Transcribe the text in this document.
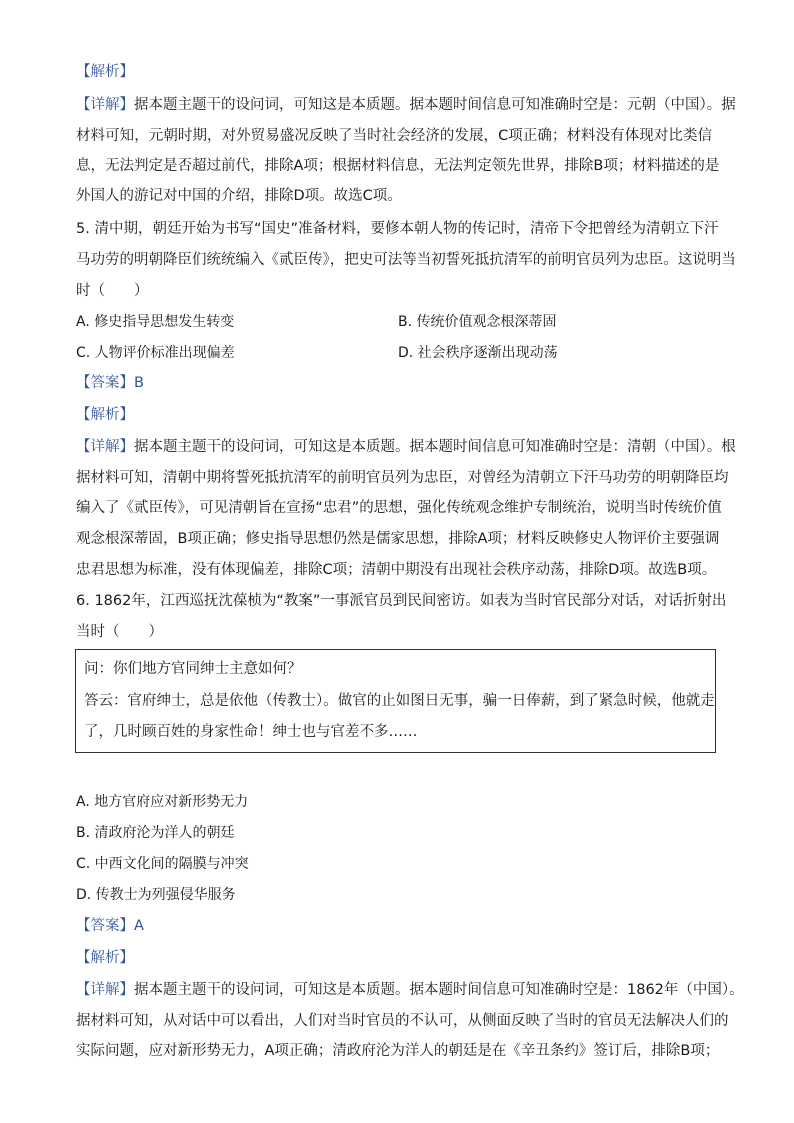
【解析】
【详解】据本题主题干的设问词，可知这是本质题。据本题时间信息可知准确时空是：元朝（中国）。据
材料可知，元朝时期，对外贸易盛况反映了当时社会经济的发展，C项正确；材料没有体现对比类信
息，无法判定是否超过前代，排除A项；根据材料信息，无法判定领先世界，排除B项；材料描述的是
外国人的游记对中国的介绍，排除D项。故选C项。
5. 清中期，朝廷开始为书写“国史”准备材料，要修本朝人物的传记时，清帝下令把曾经为清朝立下汗
马功劳的明朝降臣们统统编入《贰臣传》，把史可法等当初誓死抵抗清军的前明官员列为忠臣。这说明当
时（　　）
A. 修史指导思想发生转变	B. 传统价值观念根深蒂固
C. 人物评价标准出现偏差	D. 社会秩序逐渐出现动荡
【答案】B
【解析】
【详解】据本题主题干的设问词，可知这是本质题。据本题时间信息可知准确时空是：清朝（中国）。根
据材料可知，清朝中期将誓死抵抗清军的前明官员列为忠臣，对曾经为清朝立下汗马功劳的明朝降臣均
编入了《贰臣传》，可见清朝旨在宣扬“忠君”的思想，强化传统观念维护专制统治，说明当时传统价值
观念根深蒂固，B项正确；修史指导思想仍然是儒家思想，排除A项；材料反映修史人物评价主要强调
忠君思想为标准，没有体现偏差，排除C项；清朝中期没有出现社会秩序动荡，排除D项。故选B项。
6. 1862年，江西巡抚沈葆桢为“教案”一事派官员到民间密访。如表为当时官民部分对话，对话折射出
当时（　　）
问：你们地方官同绅士主意如何？
答云：官府绅士，总是依他（传教士）。做官的止如图日无事，骗一日俸薪，到了紧急时候，他就走
了，几时顾百姓的身家性命！绅士也与官差不多……
A. 地方官府应对新形势无力
B. 清政府沦为洋人的朝廷
C. 中西文化间的隔膜与冲突
D. 传教士为列强侵华服务
【答案】A
【解析】
【详解】据本题主题干的设问词，可知这是本质题。据本题时间信息可知准确时空是：1862年（中国）。
据材料可知，从对话中可以看出，人们对当时官员的不认可，从侧面反映了当时的官员无法解决人们的
实际问题，应对新形势无力，A项正确；清政府沦为洋人的朝廷是在《辛丑条约》签订后，排除B项；
